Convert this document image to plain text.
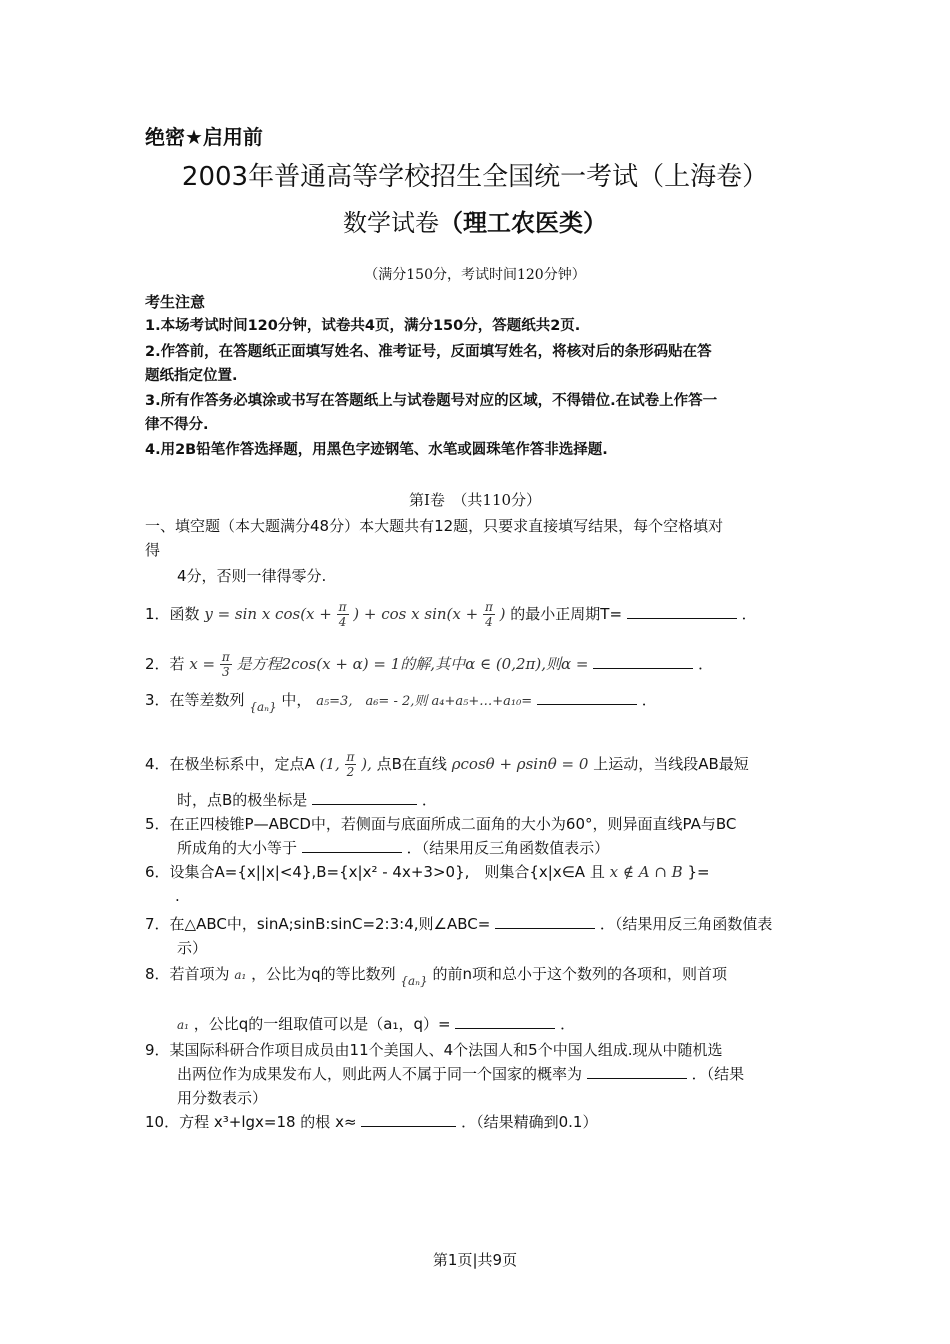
绝密★启用前
2003年普通高等学校招生全国统一考试（上海卷）
数学试卷（理工农医类）
（满分150分，考试时间120分钟）
考生注意
1.本场考试时间120分钟，试卷共4页，满分150分，答题纸共2页.
2.作答前，在答题纸正面填写姓名、准考证号，反面填写姓名，将核对后的条形码贴在答
题纸指定位置.
3.所有作答务必填涂或书写在答题纸上与试卷题号对应的区域，不得错位.在试卷上作答一
律不得分.
4.用2B铅笔作答选择题，用黑色字迹钢笔、水笔或圆珠笔作答非选择题.
第Ⅰ卷　（共110分）
一、填空题（本大题满分48分）本大题共有12题，只要求直接填写结果，每个空格填对
得
4分，否则一律得零分.
1．函数 y = sin x $\cos(x + \frac{\pi}{4}$ ) + cos x $\sin(x + \frac{\pi}{4}$ ) 的最小正周期T=	．
2．若 $x = \frac{\pi}{3}$ 是方程2cos(x + α) = 1的解,其中α ∈ (0,2π),则α =	．
3．在等差数列 {aₙ} 中， a₅=3,　a₆= - 2,则 a₄+a₅+…+a₁₀=	．
4．在极坐标系中，定点A (1, $\frac{\pi}{2}$ ), 点B在直线 ρcosθ + ρsinθ = 0 上运动，当线段AB最短
时，点B的极坐标是	．
5．在正四棱锥P—ABCD中，若侧面与底面所成二面角的大小为60°，则异面直线PA与BC
所成角的大小等于	．（结果用反三角函数值表示）
6．设集合A={x||x|<4},B={x|x² - 4x+3>0},　则集合{x|x∈A 且 x ∉ A ∩ B }=
.
7．在△ABC中，sinA;sinB:sinC=2:3:4,则∠ABC=	．（结果用反三角函数值表
示）
8．若首项为 a₁ ，公比为q的等比数列 {aₙ} 的前n项和总小于这个数列的各项和，则首项
a₁ ，公比q的一组取值可以是（a₁，q）=	．
9．某国际科研合作项目成员由11个美国人、4个法国人和5个中国人组成.现从中随机选
出两位作为成果发布人，则此两人不属于同一个国家的概率为	．（结果
用分数表示）
10．方程 x³+lgx=18 的根 x≈	．（结果精确到0.1）
第1页|共9页
